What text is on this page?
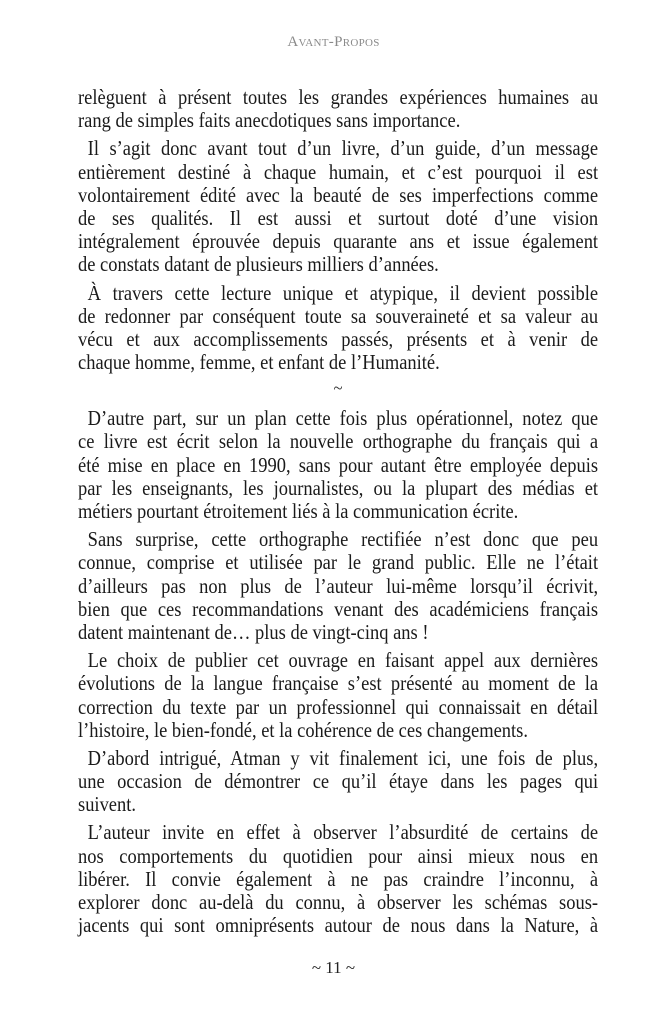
Avant-Propos
relèguent à présent toutes les grandes expériences humaines au
rang de simples faits anecdotiques sans importance.
Il s’agit donc avant tout d’un livre, d’un guide, d’un message
entièrement destiné à chaque humain, et c’est pourquoi il est
volontairement édité avec la beauté de ses imperfections comme
de ses qualités. Il est aussi et surtout doté d’une vision
intégralement éprouvée depuis quarante ans et issue également
de constats datant de plusieurs milliers d’années.
À travers cette lecture unique et atypique, il devient possible
de redonner par conséquent toute sa souveraineté et sa valeur au
vécu et aux accomplissements passés, présents et à venir de
chaque homme, femme, et enfant de l’Humanité.
~
D’autre part, sur un plan cette fois plus opérationnel, notez que
ce livre est écrit selon la nouvelle orthographe du français qui a
été mise en place en 1990, sans pour autant être employée depuis
par les enseignants, les journalistes, ou la plupart des médias et
métiers pourtant étroitement liés à la communication écrite.
Sans surprise, cette orthographe rectifiée n’est donc que peu
connue, comprise et utilisée par le grand public. Elle ne l’était
d’ailleurs pas non plus de l’auteur lui-même lorsqu’il écrivit,
bien que ces recommandations venant des académiciens français
datent maintenant de… plus de vingt-cinq ans !
Le choix de publier cet ouvrage en faisant appel aux dernières
évolutions de la langue française s’est présenté au moment de la
correction du texte par un professionnel qui connaissait en détail
l’histoire, le bien-fondé, et la cohérence de ces changements.
D’abord intrigué, Atman y vit finalement ici, une fois de plus,
une occasion de démontrer ce qu’il étaye dans les pages qui
suivent.
L’auteur invite en effet à observer l’absurdité de certains de
nos comportements du quotidien pour ainsi mieux nous en
libérer. Il convie également à ne pas craindre l’inconnu, à
explorer donc au-delà du connu, à observer les schémas sous-
jacents qui sont omniprésents autour de nous dans la Nature, à
~ 11 ~
